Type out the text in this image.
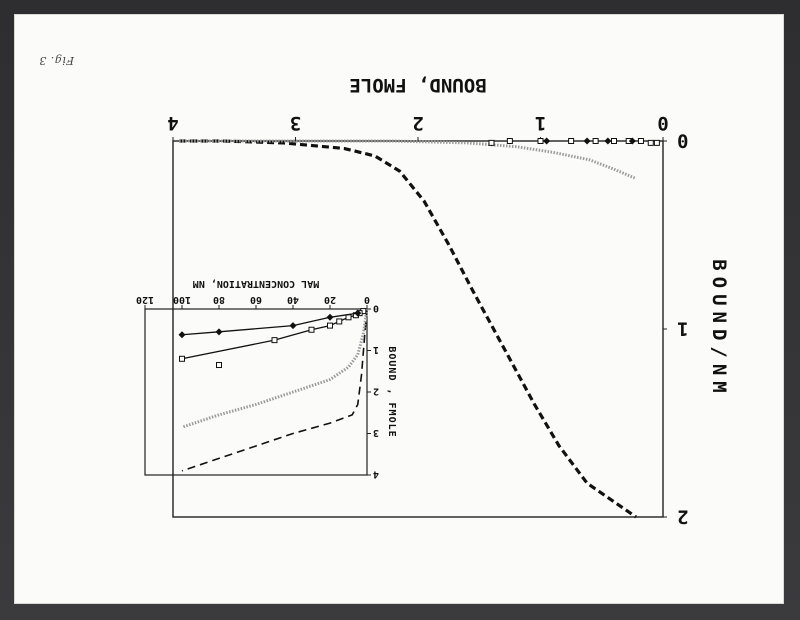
Fig. 3
0
1
2
3
4
0
1
2
BOUND, FMOLE
BOUND/NM
0
20
40
60
80
100
120
0
1
2
3
4
MAL CONCENTRATION, NM
BOUND , FMOLE
